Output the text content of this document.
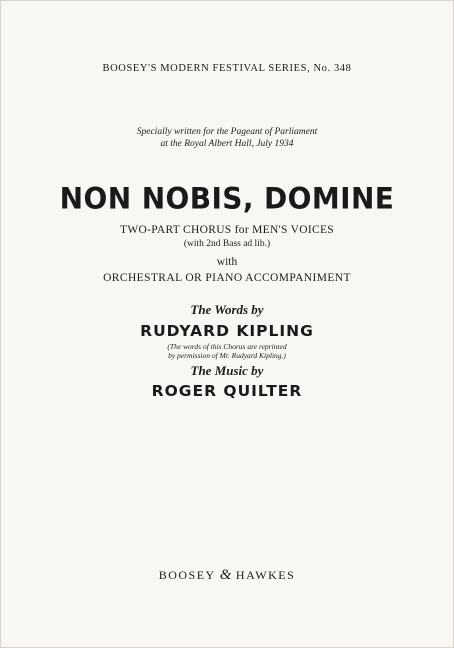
BOOSEY'S MODERN FESTIVAL SERIES, No. 348
Specially written for the Pageant of Parliament
at the Royal Albert Hall, July 1934
NON NOBIS, DOMINE
TWO-PART CHORUS for MEN'S VOICES
(with 2nd Bass ad lib.)
with
ORCHESTRAL OR PIANO ACCOMPANIMENT
The Words by
RUDYARD KIPLING
(The words of this Chorus are reprinted
by permission of Mr. Rudyard Kipling.)
The Music by
ROGER QUILTER
BOOSEY & HAWKES
